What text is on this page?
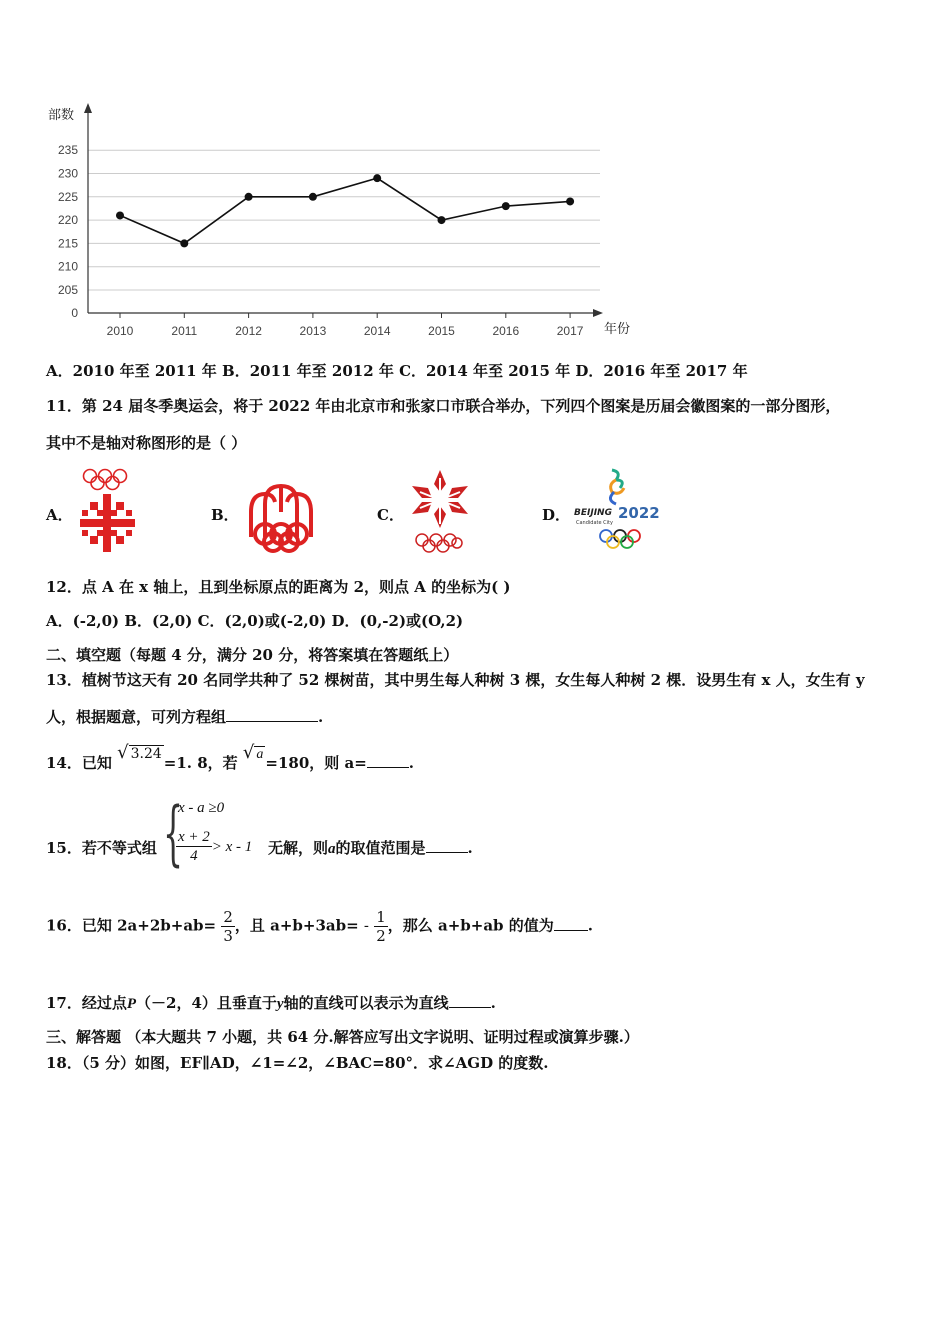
部数
年份
0
205
210
215
220
225
230
235
2010	2011	2012	2013	2014	2015	2016	2017
A．2010 年至 2011 年 B．2011 年至 2012 年 C．2014 年至 2015 年 D．2016 年至 2017 年
11．第 24 届冬季奥运会，将于 2022 年由北京市和张家口市联合举办，下列四个图案是历届会徽图案的一部分图形，
其中不是轴对称图形的是（ ）
A．	B．	C．	D． BEIJING 2022
Candidate City
12．点 A 在 x 轴上，且到坐标原点的距离为 2，则点 A 的坐标为( )
A．(-2,0) B．(2,0) C．(2,0)或(-2,0) D．(0,-2)或(O,2)
二、填空题（每题 4 分，满分 20 分，将答案填在答题纸上）
13．植树节这天有 20 名同学共种了 52 棵树苗，其中男生每人种树 3 棵，女生每人种树 2 棵．设男生有 x 人，女生有 y
人，根据题意，可列方程组	.
14．已知 √ 3.24 =1. 8，若 √ a =180，则 a=	.
15．若不等式组 {
x - a ≥0
$\frac{x + 2}{4} > x - 1$ 无解，则a的取值范围是	.
16．已知 $2a+2b+ab= \frac{2}{3}$ ，且 $a+b+3ab= - \frac{1}{2}$ ，那么 a+b+ab 的值为 .
17．经过点P（－2，4）且垂直于y轴的直线可以表示为直线	.
三、解答题 （本大题共 7 小题，共 64 分.解答应写出文字说明、证明过程或演算步骤.）
18．（5 分）如图，EF∥AD，∠1=∠2，∠BAC=80°．求∠AGD 的度数.
